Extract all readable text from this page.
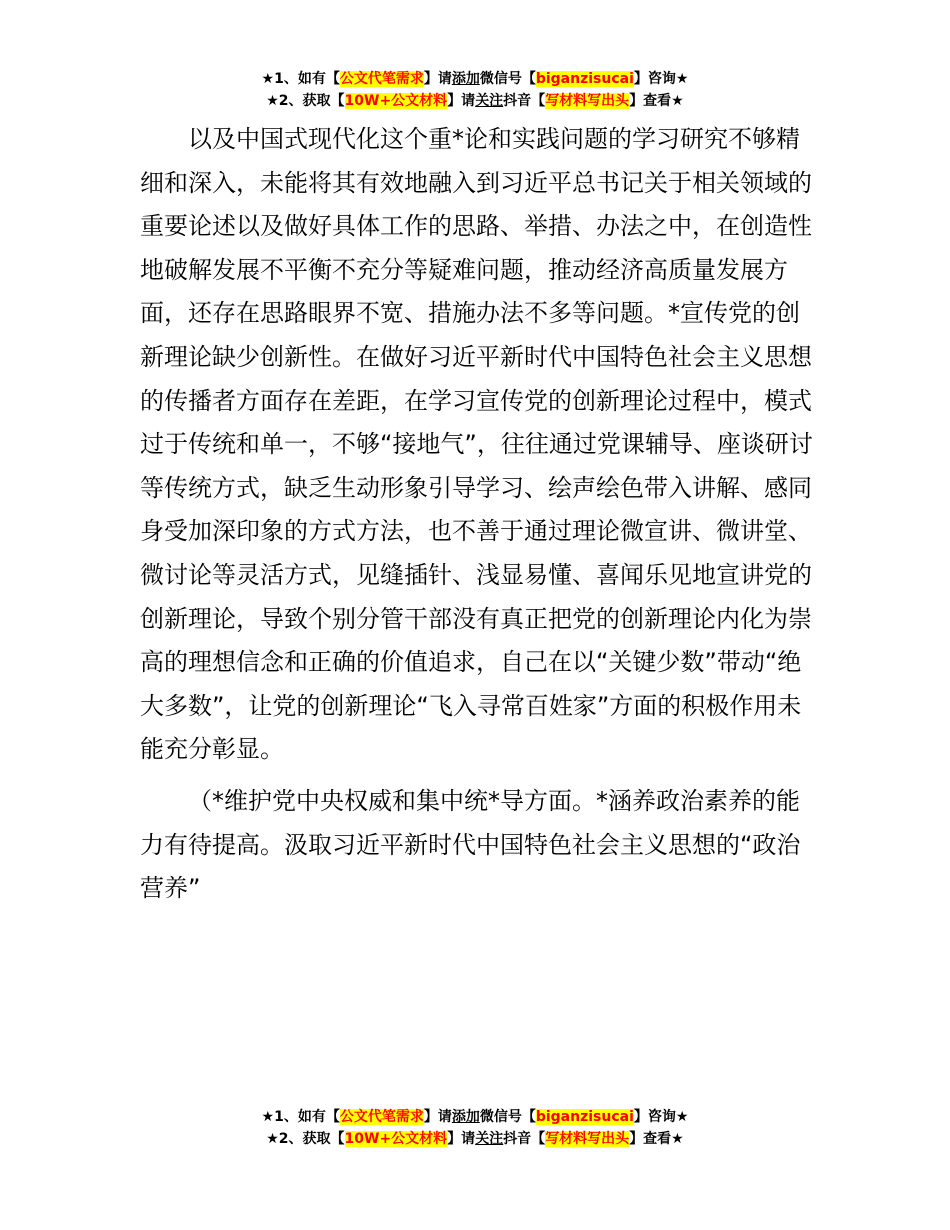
★1、如有【公文代笔需求】请添加微信号【biganzisucai】咨询★
★2、获取【10W+公文材料】请关注抖音【写材料写出头】查看★

以及中国式现代化这个重*论和实践问题的学习研究不够精细和深入，未能将其有效地融入到习近平总书记关于相关领域的重要论述以及做好具体工作的思路、举措、办法之中，在创造性地破解发展不平衡不充分等疑难问题，推动经济高质量发展方面，还存在思路眼界不宽、措施办法不多等问题。*宣传党的创新理论缺少创新性。在做好习近平新时代中国特色社会主义思想的传播者方面存在差距，在学习宣传党的创新理论过程中，模式过于传统和单一，不够“接地气”，往往通过党课辅导、座谈研讨等传统方式，缺乏生动形象引导学习、绘声绘色带入讲解、感同身受加深印象的方式方法，也不善于通过理论微宣讲、微讲堂、微讨论等灵活方式，见缝插针、浅显易懂、喜闻乐见地宣讲党的创新理论，导致个别分管干部没有真正把党的创新理论内化为崇高的理想信念和正确的价值追求，自己在以“关键少数”带动“绝大多数”，让党的创新理论“飞入寻常百姓家”方面的积极作用未能充分彰显。

（*维护党中央权威和集中统*导方面。*涵养政治素养的能力有待提高。汲取习近平新时代中国特色社会主义思想的“政治营养”

★1、如有【公文代笔需求】请添加微信号【biganzisucai】咨询★
★2、获取【10W+公文材料】请关注抖音【写材料写出头】查看★
